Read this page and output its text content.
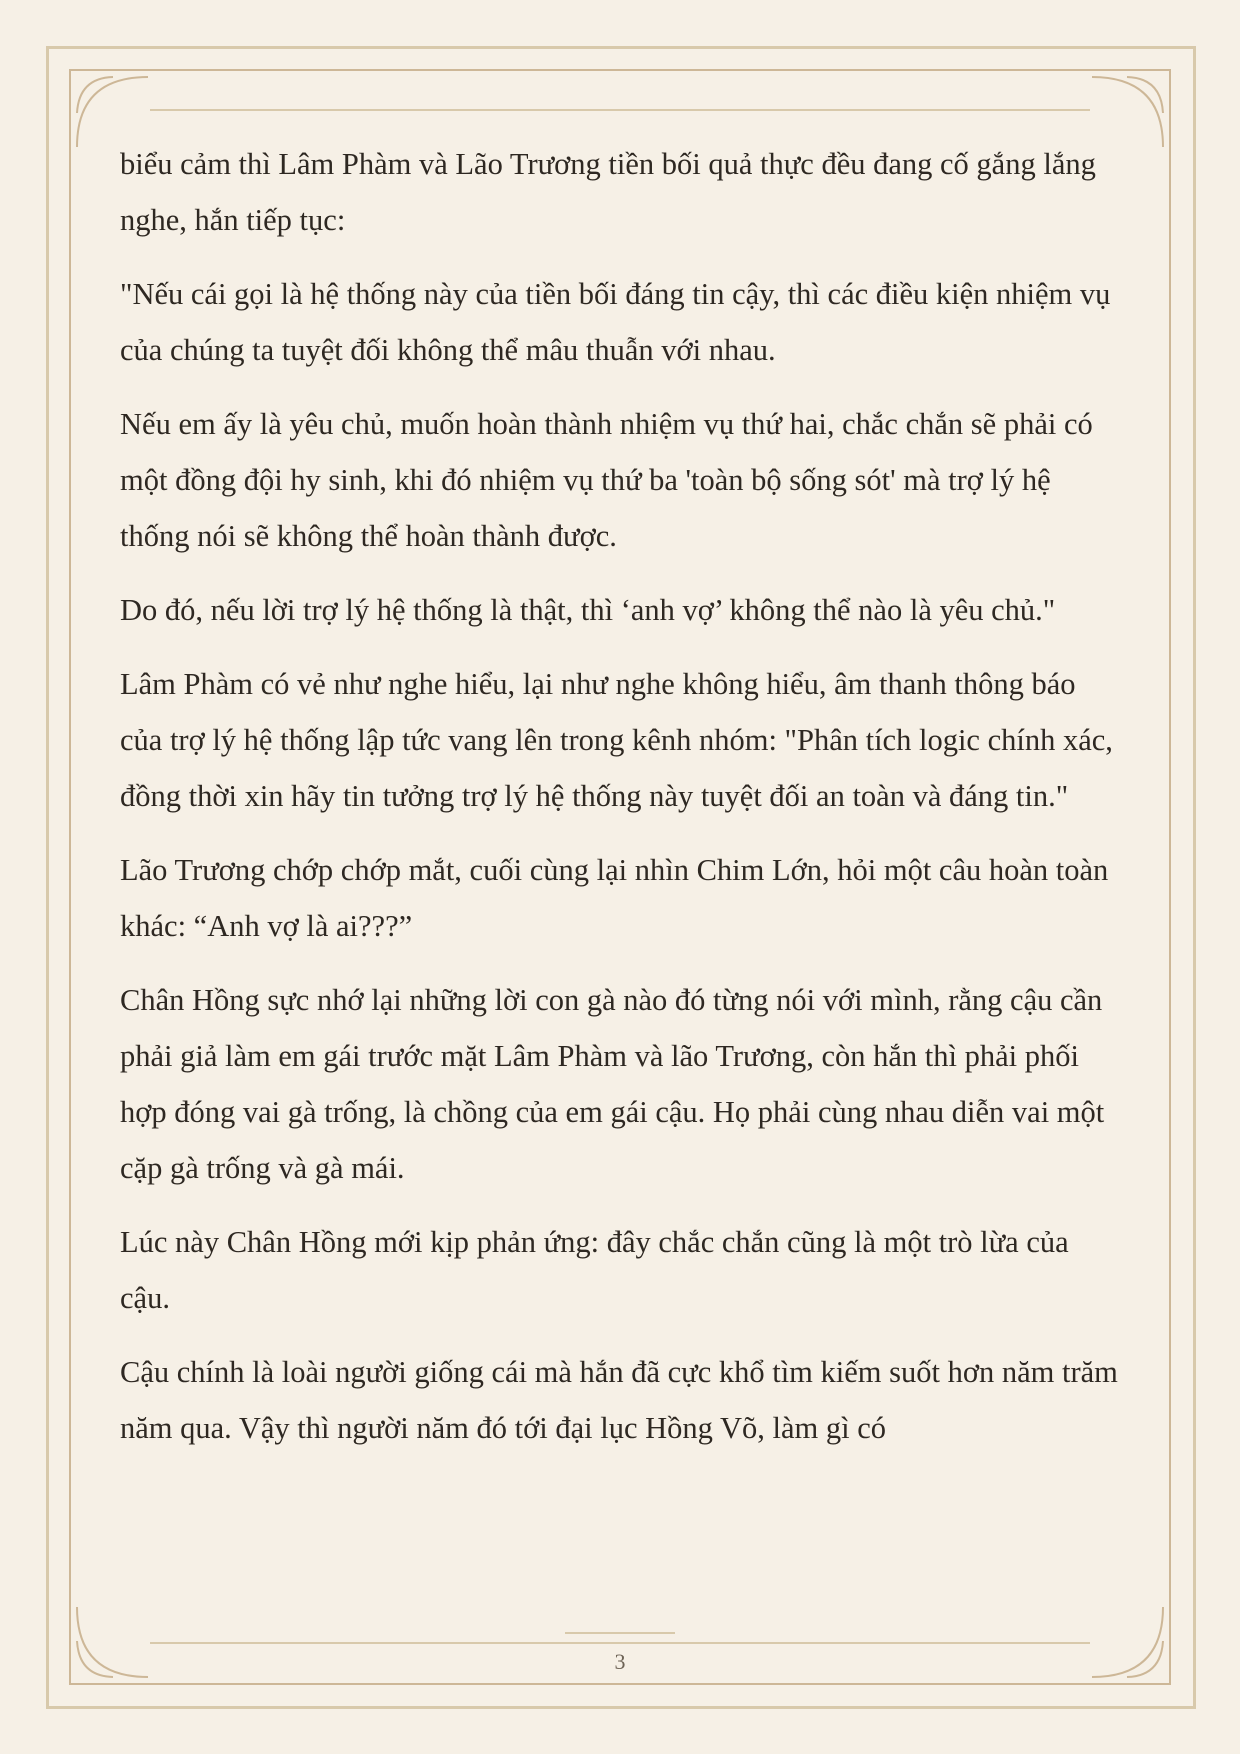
biểu cảm thì Lâm Phàm và Lão Trương tiền bối quả thực đều đang cố gắng lắng nghe, hắn tiếp tục:

"Nếu cái gọi là hệ thống này của tiền bối đáng tin cậy, thì các điều kiện nhiệm vụ của chúng ta tuyệt đối không thể mâu thuẫn với nhau.

Nếu em ấy là yêu chủ, muốn hoàn thành nhiệm vụ thứ hai, chắc chắn sẽ phải có một đồng đội hy sinh, khi đó nhiệm vụ thứ ba 'toàn bộ sống sót' mà trợ lý hệ thống nói sẽ không thể hoàn thành được.

Do đó, nếu lời trợ lý hệ thống là thật, thì ‘anh vợ’ không thể nào là yêu chủ."

Lâm Phàm có vẻ như nghe hiểu, lại như nghe không hiểu, âm thanh thông báo của trợ lý hệ thống lập tức vang lên trong kênh nhóm: "Phân tích logic chính xác, đồng thời xin hãy tin tưởng trợ lý hệ thống này tuyệt đối an toàn và đáng tin."

Lão Trương chớp chớp mắt, cuối cùng lại nhìn Chim Lớn, hỏi một câu hoàn toàn khác: “Anh vợ là ai???”

Chân Hồng sực nhớ lại những lời con gà nào đó từng nói với mình, rằng cậu cần phải giả làm em gái trước mặt Lâm Phàm và lão Trương, còn hắn thì phải phối hợp đóng vai gà trống, là chồng của em gái cậu. Họ phải cùng nhau diễn vai một cặp gà trống và gà mái.

Lúc này Chân Hồng mới kịp phản ứng: đây chắc chắn cũng là một trò lừa của cậu.

Cậu chính là loài người giống cái mà hắn đã cực khổ tìm kiếm suốt hơn năm trăm năm qua. Vậy thì người năm đó tới đại lục Hồng Võ, làm gì có

3
